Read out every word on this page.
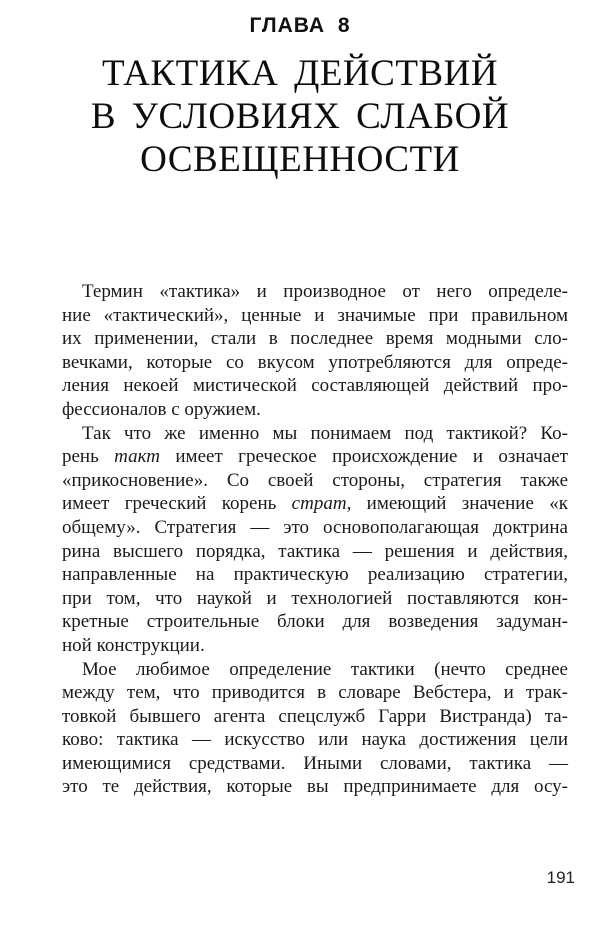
ГЛАВА 8
ТАКТИКА ДЕЙСТВИЙ
В УСЛОВИЯХ СЛАБОЙ
ОСВЕЩЕННОСТИ
Термин «тактика» и производное от него определе-
ние «тактический», ценные и значимые при правильном
их применении, стали в последнее время модными сло-
вечками, которые со вкусом употребляются для опреде-
ления некоей мистической составляющей действий про-
фессионалов с оружием.
Так что же именно мы понимаем под тактикой? Ко-
рень такт имеет греческое происхождение и означает
«прикосновение». Со своей стороны, стратегия также
имеет греческий корень страт, имеющий значение «к
общему». Стратегия — это основополагающая доктрина
рина высшего порядка, тактика — решения и действия,
направленные на практическую реализацию стратегии,
при том, что наукой и технологией поставляются кон-
кретные строительные блоки для возведения задуман-
ной конструкции.
Мое любимое определение тактики (нечто среднее
между тем, что приводится в словаре Вебстера, и трак-
товкой бывшего агента спецслужб Гарри Вистранда) та-
ково: тактика — искусство или наука достижения цели
имеющимися средствами. Иными словами, тактика —
это те действия, которые вы предпринимаете для осу-
191
